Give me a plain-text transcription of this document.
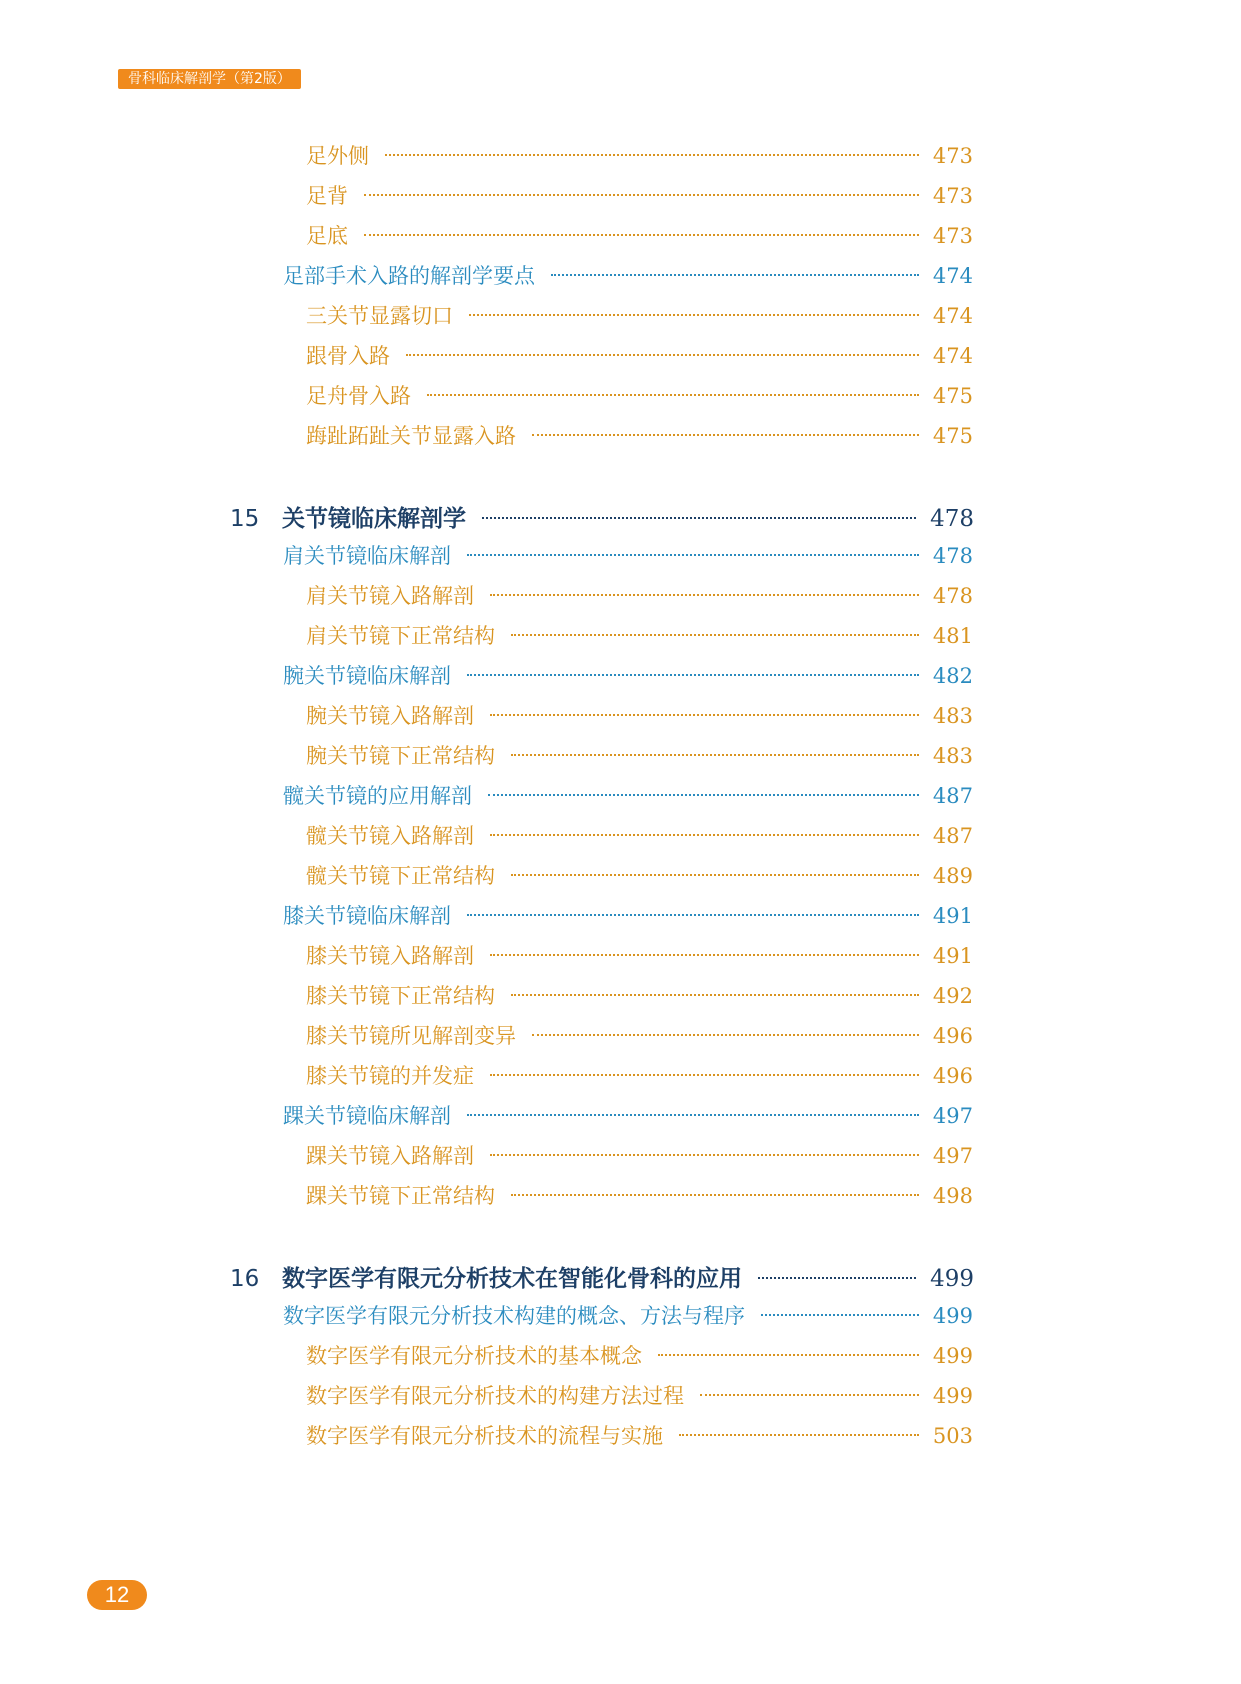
骨科临床解剖学（第2版）
足外侧	473
足背	473
足底	473
足部手术入路的解剖学要点	474
三关节显露切口	474
跟骨入路	474
足舟骨入路	475
踇趾跖趾关节显露入路	475
15 关节镜临床解剖学	478
肩关节镜临床解剖	478
肩关节镜入路解剖	478
肩关节镜下正常结构	481
腕关节镜临床解剖	482
腕关节镜入路解剖	483
腕关节镜下正常结构	483
髋关节镜的应用解剖	487
髋关节镜入路解剖	487
髋关节镜下正常结构	489
膝关节镜临床解剖	491
膝关节镜入路解剖	491
膝关节镜下正常结构	492
膝关节镜所见解剖变异	496
膝关节镜的并发症	496
踝关节镜临床解剖	497
踝关节镜入路解剖	497
踝关节镜下正常结构	498
16 数字医学有限元分析技术在智能化骨科的应用	499
数字医学有限元分析技术构建的概念、方法与程序	499
数字医学有限元分析技术的基本概念	499
数字医学有限元分析技术的构建方法过程	499
数字医学有限元分析技术的流程与实施	503
12
